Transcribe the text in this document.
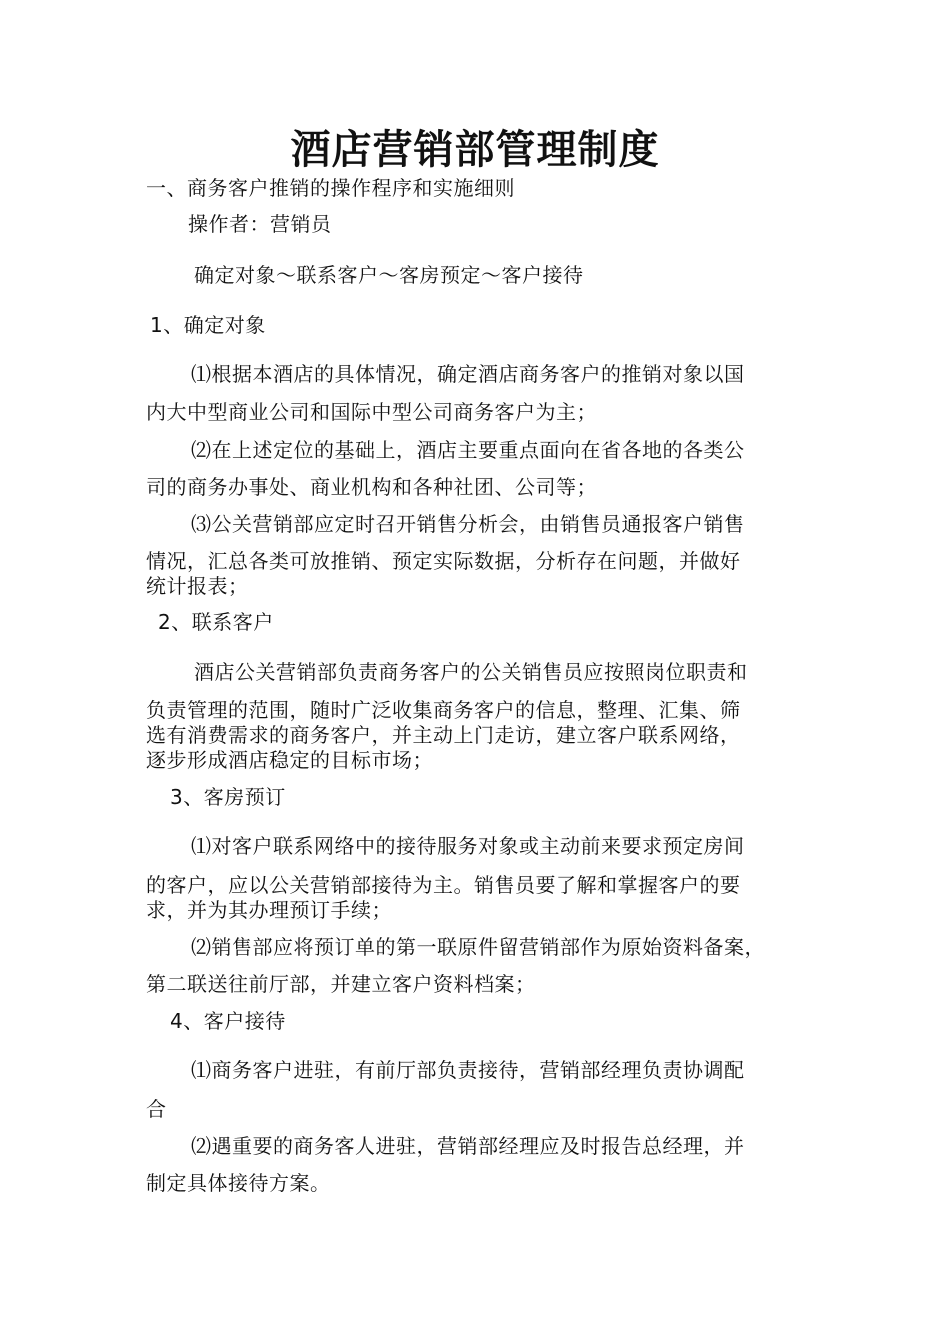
酒店营销部管理制度
一、商务客户推销的操作程序和实施细则
操作者：营销员
确定对象～联系客户～客房预定～客户接待
1、确定对象
⑴根据本酒店的具体情况，确定酒店商务客户的推销对象以国
内大中型商业公司和国际中型公司商务客户为主；
⑵在上述定位的基础上，酒店主要重点面向在省各地的各类公
司的商务办事处、商业机构和各种社团、公司等；
⑶公关营销部应定时召开销售分析会，由销售员通报客户销售
情况，汇总各类可放推销、预定实际数据，分析存在问题，并做好
统计报表；
2、联系客户
酒店公关营销部负责商务客户的公关销售员应按照岗位职责和
负责管理的范围，随时广泛收集商务客户的信息，整理、汇集、筛
选有消费需求的商务客户，并主动上门走访，建立客户联系网络，
逐步形成酒店稳定的目标市场；
3、客房预订
⑴对客户联系网络中的接待服务对象或主动前来要求预定房间
的客户，应以公关营销部接待为主。销售员要了解和掌握客户的要
求，并为其办理预订手续；
⑵销售部应将预订单的第一联原件留营销部作为原始资料备案，
第二联送往前厅部，并建立客户资料档案；
4、客户接待
⑴商务客户进驻，有前厅部负责接待，营销部经理负责协调配
合
⑵遇重要的商务客人进驻，营销部经理应及时报告总经理，并
制定具体接待方案。
